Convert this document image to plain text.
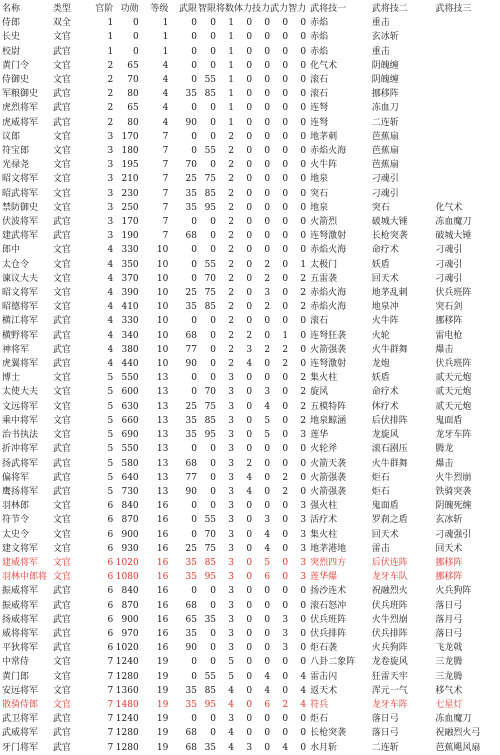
名称	类型	官阶	功勋	等级	武限	智限	将数	体力	技力	武力	智力	武将技一	武将技二	武将技三
侍郎	双全	1	0	1	0	0	1	0	0	0	0	赤焰	重击	
长史	文官	1	0	1	0	0	1	0	0	0	0	赤焰	玄冰斩	
校尉	武官	1	0	1	0	0	1	0	0	0	0	赤焰	重击	
黄门令	文官	2	65	4	0	0	1	0	0	0	0	化气术	阴魄缠	
侍御史	文官	2	70	4	0	55	1	0	0	0	0	滚石	阴魄缠	
军粮御史	武官	2	80	4	35	85	1	0	0	0	0	滚石	挪移阵	
虎烈将军	武官	2	65	4	0	0	1	0	0	0	0	连弩	冻血刀	
虎威将军	武官	2	80	4	90	0	1	0	0	0	0	连弩	二连斩	
议郎	文官	3	170	7	0	0	2	0	0	0	0	地茅刺	芭蕉扇	
符宝郎	文官	3	180	7	0	55	2	0	0	0	0	赤焰火海	芭蕉扇	
光禄尧	文官	3	195	7	70	0	2	0	0	0	0	火牛阵	芭蕉扇	
昭文将军	文官	3	210	7	25	75	2	0	0	0	0	地泉	刁魂引	
昭武将军	文官	3	230	7	35	85	2	0	0	0	0	突石	刁魂引	
禁防御史	文官	3	250	7	35	95	2	0	0	0	0	地泉	突石	化气术
伏波将军	武官	3	170	7	0	0	2	0	0	0	0	火箭烈	破城大锤	冻血魔刀
建武将军	武官	3	190	7	68	0	2	0	0	0	0	连弩激射	长枪突袭	破城大锤
郎中	文官	4	330	10	0	0	2	0	0	0	0	赤焰火海	命疗术	刁魂引
太仓令	文官	4	350	10	0	55	2	0	2	0	1	太极门	妖盾	刁魂引
谏议大夫	文官	4	370	10	0	70	2	0	2	0	2	五雷袭	回天术	刁魂引
昭文将军	文官	4	390	10	25	75	2	0	3	0	2	赤焰火海	地茅乱刺	伏兵班阵
昭德将军	文官	4	410	10	35	85	2	0	2	0	2	赤焰火海	地泉冲	突石剑
横江将军	武官	4	330	10	0	0	2	0	0	0	0	滚石	火牛阵	挪移阵
横野将军	武官	4	340	10	68	0	2	2	0	1	0	连弩狂袭	火轮	雷电枪
神将军	武官	4	380	10	77	0	2	3	2	2	0	火箭强袭	火牛群舞	爆击
虎翼将军	武官	4	440	10	90	0	2	4	0	2	0	连弩激射	龙炮	伏兵班阵
博士	文官	5	550	13	0	0	3	0	0	0	2	集火柱	妖盾	贰天元炮
太使大夫	文官	5	600	13	0	70	3	0	3	0	2	旋风	命疗术	贰天元炮
文远将军	文官	5	630	13	25	75	3	0	4	0	2	五模特阵	休疗术	贰天元炮
乘中将军	文官	5	660	13	35	85	3	0	5	0	2	地泉鲸涵	后伏排阵	鬼面盾
治书执法	文官	5	690	13	35	95	3	0	5	0	3	莲华	龙旋风	龙牙车阵
折冲将军	武官	5	550	13	0	0	3	0	0	0	0	火轮斧	滚石剧压	腾龙
扬武将军	武官	5	580	13	68	0	3	2	0	0	0	火箭天袭	火牛群舞	爆击
偏将军	武官	5	640	13	77	0	3	4	0	2	0	火箭强袭	炬石	火牛烈崩
鹰扬将军	武官	5	730	13	90	0	3	4	0	2	0	火箭强袭	炬石	铁骑突袭
羽林郎	文官	6	840	16	0	0	3	0	0	0	3	强火柱	鬼面盾	阴魄死缠
符节令	文官	6	870	16	0	55	3	0	3	0	3	活疗术	罗刹之盾	玄冰斩
太史令	文官	6	900	16	0	70	3	0	4	0	3	集火柱	回天术	刁魂强引
建文将军	文官	6	930	16	25	75	3	0	4	0	3	地茅港地	雷击	回天术
建威将军	文官	6	1020	16	35	85	3	0	5	0	3	突烈四方	后伏连阵	挪移阵
羽林中郎将	文官	6	1080	16	35	95	3	0	6	0	3	莲华爆	龙牙车队	挪移阵
振威将军	武官	6	840	16	0	0	3	0	0	0	0	扬沙连术	祝融烈火	火兵狗阵
振威将军	武官	6	870	16	68	0	3	0	0	0	0	滚石怒冲	伏兵班阵	落日弓
扬威将军	武官	6	900	16	65	35	3	0	0	3	0	伏兵班阵	火牛烈崩	落月弓
威将将军	武官	6	970	16	35	0	3	0	0	3	0	伏兵排阵	伏兵排阵	落日弓
平狄将军	武官	6	1020	16	90	0	3	0	0	3	0	炬石袭	火兵狗阵	飞龙戟
中常侍	文官	7	1240	19	0	0	5	0	0	0	0	八卦二象阵	龙卷旋风	三龙腾
黄门郎	文官	7	1280	19	0	55	5	0	4	0	4	雷击闪	狂雷天牢	三龙腾
安远将军	文官	7	1360	19	35	85	4	0	4	0	4	返天术	浑元一气	移气术
散骑侍郎	文官	7	1480	19	35	95	4	0	6	2	4	符兵	龙牙车阵	七星灯
武卫将军	武官	7	1240	19	0	0	3	0	0	0	0	炬石	落日弓	冻血魔刀
武威将军	武官	7	1280	19	68	0	4	0	0	0	0	长枪突袭	落日弓	祝融烈火弓
牙门将军	武官	7	1280	19	68	35	4	3	0	4	0	水月斩	二连斩	芭蕉飓风扇
